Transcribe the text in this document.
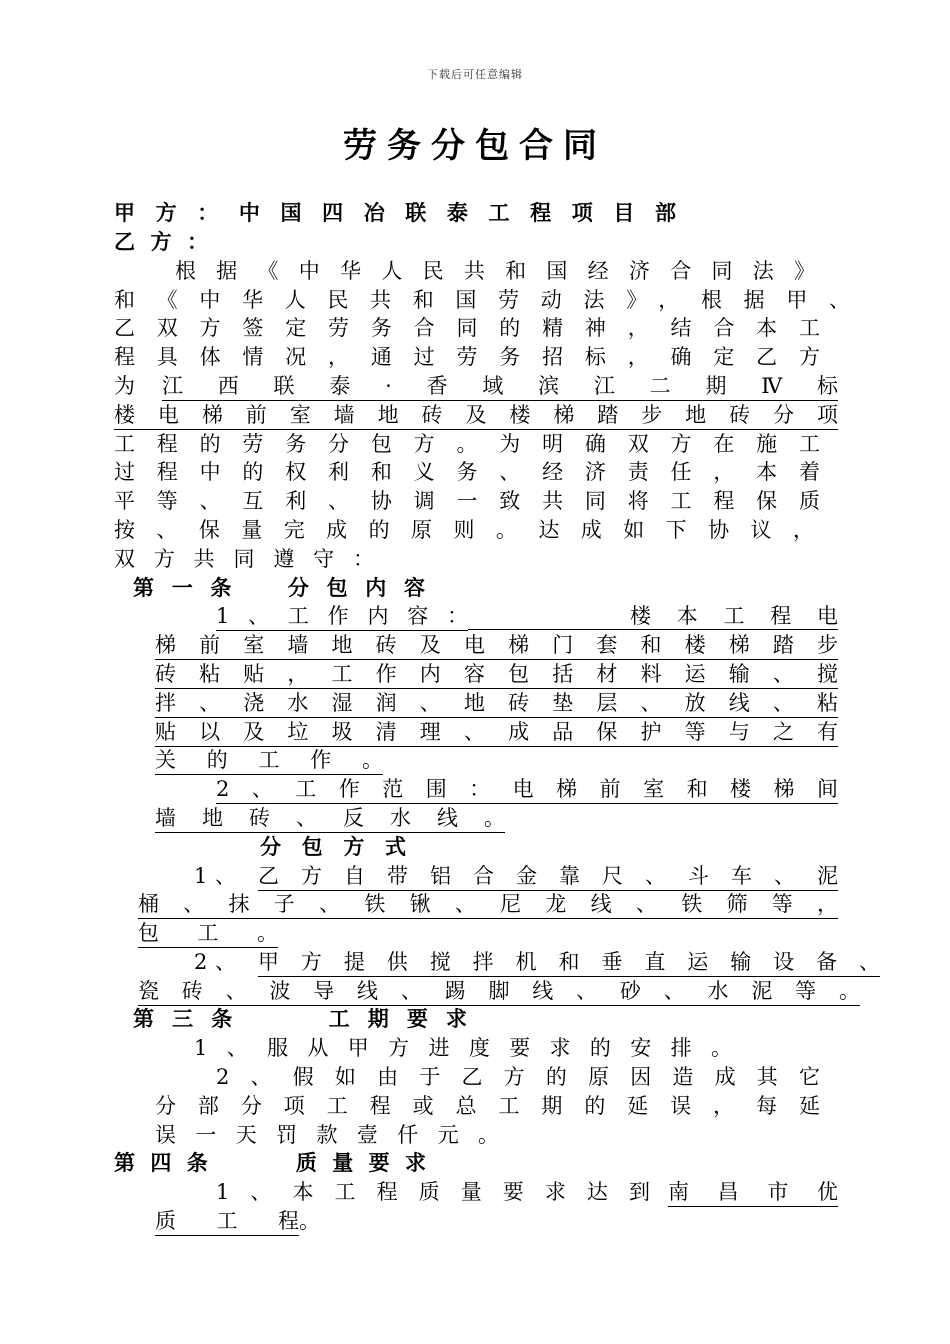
下载后可任意编辑
劳务分包合同
甲方：中国四冶联泰工程项目部
乙方：
根据《中华人民共和国经济合同法》
和《中华人民共和国劳动法》，根据甲、
乙双方签定劳务合同的精神，结合本工
程具体情况，通过劳务招标，确定乙方
为 江西联泰·香域滨江二期Ⅳ标
楼电梯前室墙地砖及楼梯踏步地砖分项
工程的劳务分包方。为明确双方在施工
过程中的权利和义务、经济责任，本着
平等、互利、协调一致共同将工程保质
按、保量完成的原则。达成如下协议，
双方共同遵守：
第一条　分包内容
1、工作内容：	楼本工程电
梯前室墙地砖及电梯门套和楼梯踏步
砖粘贴，工作内容包括材料运输、搅
拌、浇水湿润、地砖垫层、放线、粘
贴以及垃圾清理、成品保护等与之有
关的工作。
2、工作范围：电梯前室和楼梯间
墙地砖、反水线。
分包方式
1、 乙方自带铝合金靠尺、斗车、泥
桶、抹子、铁锹、尼龙线、铁筛等，
包工。
2、 甲方提供搅拌机和垂直运输设备、
瓷砖、波导线、踢脚线、砂、水泥等。
第三条　　工期要求
1、服从甲方进度要求的安排。
2、假如由于乙方的原因造成其它
分部分项工程或总工期的延误，每延
误一天罚款壹仟元。
第四条　　质量要求
1、本工程质量要求达到 南昌市优
质工程 。
